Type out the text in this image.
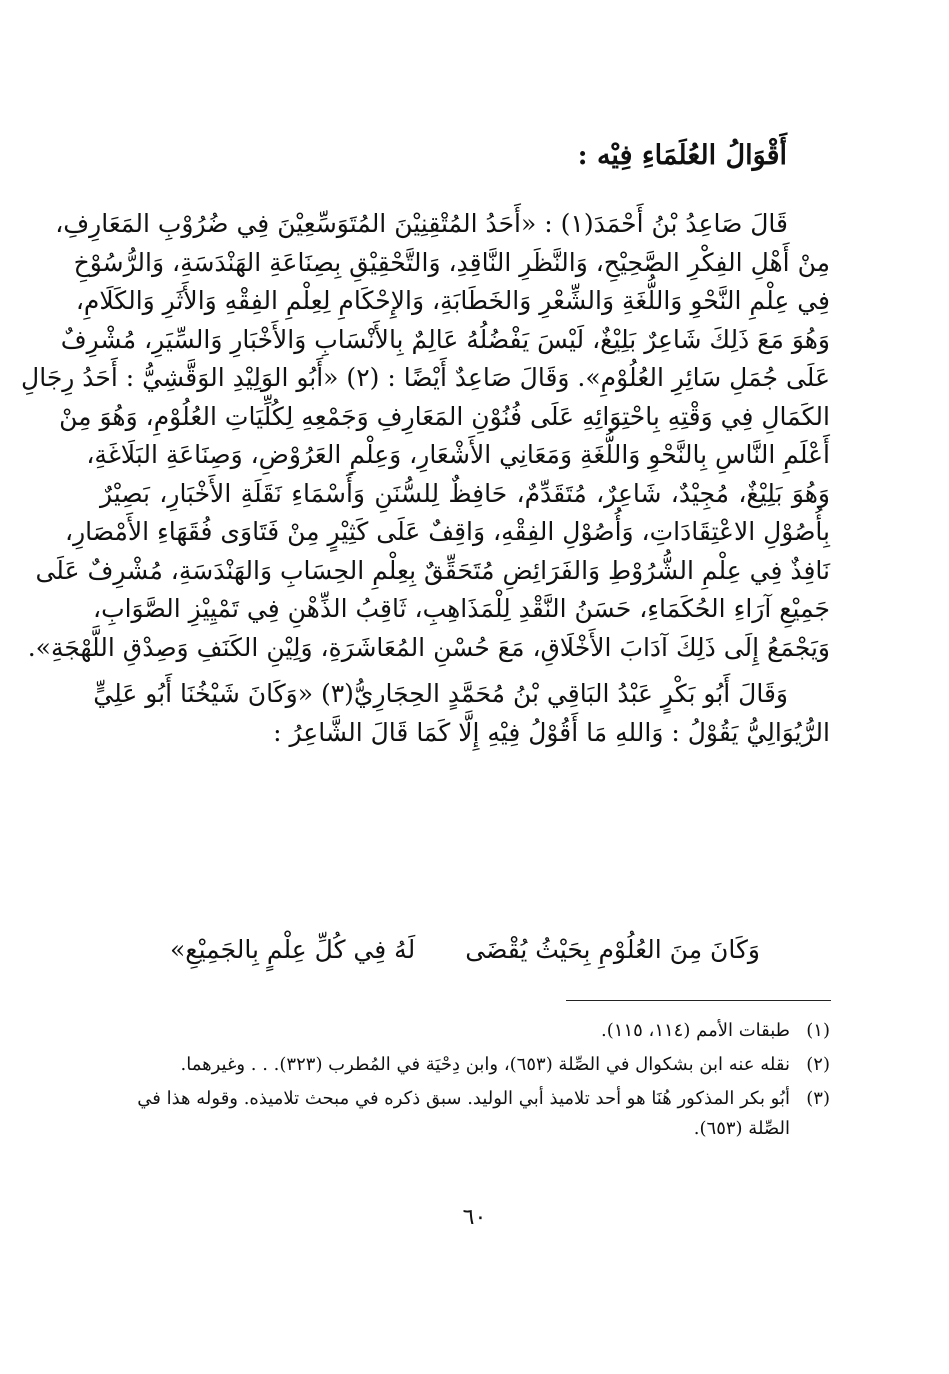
أَقْوَالُ العُلَمَاءِ فِيْه :
قَالَ صَاعِدُ بْنُ أَحْمَدَ(١) : «أَحَدُ المُتْقِنِيْنَ المُتَوَسِّعِيْنَ فِي ضُرُوْبِ المَعَارِفِ،
مِنْ أَهْلِ الفِكْرِ الصَّحِيْحِ، وَالنَّظَرِ النَّاقِدِ، وَالتَّحْقِيْقِ بِصِنَاعَةِ الهَنْدَسَةِ، وَالرُّسُوْخِ
فِي عِلْمِ النَّحْوِ وَاللُّغَةِ وَالشِّعْرِ وَالخَطَابَةِ، وَالإِحْكَامِ لِعِلْمِ الفِقْهِ وَالأَثَرِ وَالكَلَامِ،
وَهُوَ مَعَ ذَلِكَ شَاعِرٌ بَلِيْغٌ، لَيْسَ يَفْضُلُهُ عَالِمٌ بِالأَنْسَابِ وَالأَخْبَارِ وَالسِّيَرِ، مُشْرِفٌ
عَلَى جُمَلِ سَائِرِ العُلُوْمِ». وَقَالَ صَاعِدٌ أَيْضًا : (٢) «أَبُو الوَلِيْدِ الوَقَّشِيُّ : أَحَدُ رِجَالِ
الكَمَالِ فِي وَقْتِهِ بِاحْتِوَائِهِ عَلَى فُنُوْنِ المَعَارِفِ وَجَمْعِهِ لِكُلِّيَاتِ العُلُوْمِ، وَهُوَ مِنْ
أَعْلَمِ النَّاسِ بِالنَّحْوِ وَاللُّغَةِ وَمَعَانِي الأَشْعَارِ، وَعِلْمِ العَرُوْضِ، وَصِنَاعَةِ البَلَاغَةِ،
وَهُوَ بَلِيْغٌ، مُجِيْدٌ، شَاعِرٌ، مُتَقَدِّمٌ، حَافِظٌ لِلسُّنَنِ وَأَسْمَاءِ نَقَلَةِ الأَخْبَارِ، بَصِيْرٌ
بِأُصُوْلِ الاعْتِقَادَاتِ، وَأُصُوْلِ الفِقْهِ، وَاقِفٌ عَلَى كَثِيْرٍ مِنْ فَتَاوَى فُقَهَاءِ الأَمْصَارِ،
نَافِذٌ فِي عِلْمِ الشُّرُوْطِ وَالفَرَائِضِ مُتَحَقِّقٌ بِعِلْمِ الحِسَابِ وَالهَنْدَسَةِ، مُشْرِفٌ عَلَى
جَمِيْعِ آرَاءِ الحُكَمَاءِ، حَسَنُ النَّقْدِ لِلْمَذَاهِبِ، ثَاقِبُ الذِّهْنِ فِي تَمْيِيْزِ الصَّوَابِ،
وَيَجْمَعُ إِلَى ذَلِكَ آدَابَ الأَخْلَاقِ، مَعَ حُسْنِ المُعَاشَرَةِ، وَلِيْنِ الكَنَفِ وَصِدْقِ اللَّهْجَةِ».
وَقَالَ أَبُو بَكْرٍ عَبْدُ البَاقِي بْنُ مُحَمَّدٍ الحِجَارِيُّ(٣) «وَكَانَ شَيْخُنَا أَبُو عَلِيٍّ
الرُّيُوَالِيُّ يَقُوْلُ : وَاللهِ مَا أَقُوْلُ فِيْهِ إِلَّا كَمَا قَالَ الشَّاعِرُ :
وَكَانَ مِنَ العُلُوْمِ بِحَيْثُ يُقْضَى
لَهُ فِي كُلِّ عِلْمٍ بِالجَمِيْعِ»
(١)
طبقات الأمم (١١٤، ١١٥).
(٢)
نقله عنه ابن بشكوال في الصِّلة (٦٥٣)، وابن دِحْيَة في المُطرب (٣٢٣). . . وغيرهما.
(٣)
أبُو بكر المذكور هُنَا هو أحد تلاميذ أبي الوليد. سبق ذكره في مبحث تلاميذه. وقوله هذا في الصِّلة (٦٥٣).
٦٠
